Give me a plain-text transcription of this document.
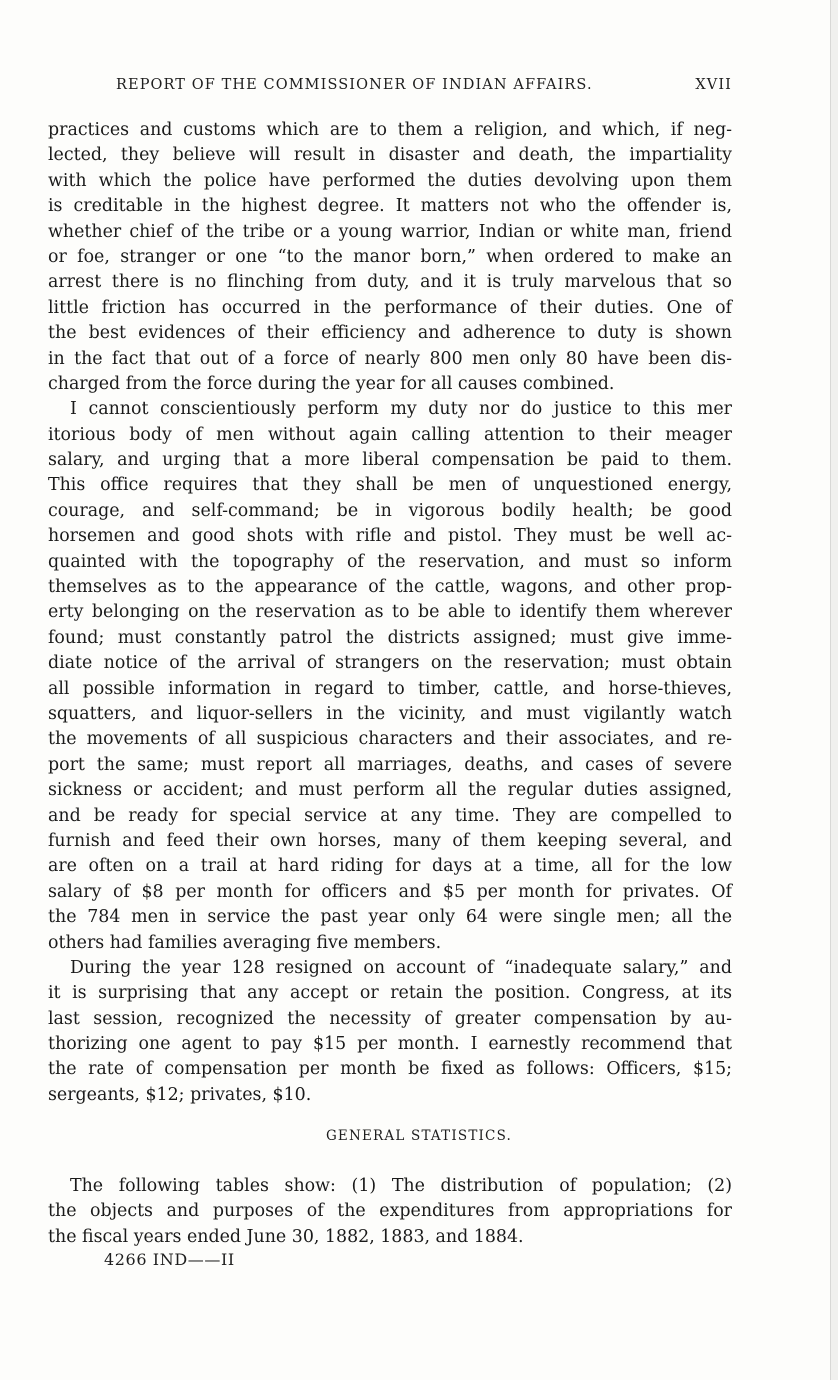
REPORT OF THE COMMISSIONER OF INDIAN AFFAIRS.	XVII
practices and customs which are to them a religion, and which, if neg-
lected, they believe will result in disaster and death, the impartiality
with which the police have performed the duties devolving upon them
is creditable in the highest degree. It matters not who the offender is,
whether chief of the tribe or a young warrior, Indian or white man, friend
or foe, stranger or one “to the manor born,” when ordered to make an
arrest there is no flinching from duty, and it is truly marvelous that so
little friction has occurred in the performance of their duties. One of
the best evidences of their efficiency and adherence to duty is shown
in the fact that out of a force of nearly 800 men only 80 have been dis-
charged from the force during the year for all causes combined.
I cannot conscientiously perform my duty nor do justice to this mer
itorious body of men without again calling attention to their meager
salary, and urging that a more liberal compensation be paid to them.
This office requires that they shall be men of unquestioned energy,
courage, and self-command; be in vigorous bodily health; be good
horsemen and good shots with rifle and pistol. They must be well ac-
quainted with the topography of the reservation, and must so inform
themselves as to the appearance of the cattle, wagons, and other prop-
erty belonging on the reservation as to be able to identify them wherever
found; must constantly patrol the districts assigned; must give imme-
diate notice of the arrival of strangers on the reservation; must obtain
all possible information in regard to timber, cattle, and horse-thieves,
squatters, and liquor-sellers in the vicinity, and must vigilantly watch
the movements of all suspicious characters and their associates, and re-
port the same; must report all marriages, deaths, and cases of severe
sickness or accident; and must perform all the regular duties assigned,
and be ready for special service at any time. They are compelled to
furnish and feed their own horses, many of them keeping several, and
are often on a trail at hard riding for days at a time, all for the low
salary of $8 per month for officers and $5 per month for privates. Of
the 784 men in service the past year only 64 were single men; all the
others had families averaging five members.
During the year 128 resigned on account of “inadequate salary,” and
it is surprising that any accept or retain the position. Congress, at its
last session, recognized the necessity of greater compensation by au-
thorizing one agent to pay $15 per month. I earnestly recommend that
the rate of compensation per month be fixed as follows: Officers, $15;
sergeants, $12; privates, $10.
GENERAL STATISTICS.
The following tables show: (1) The distribution of population; (2)
the objects and purposes of the expenditures from appropriations for
the fiscal years ended June 30, 1882, 1883, and 1884.
4266 IND——II
